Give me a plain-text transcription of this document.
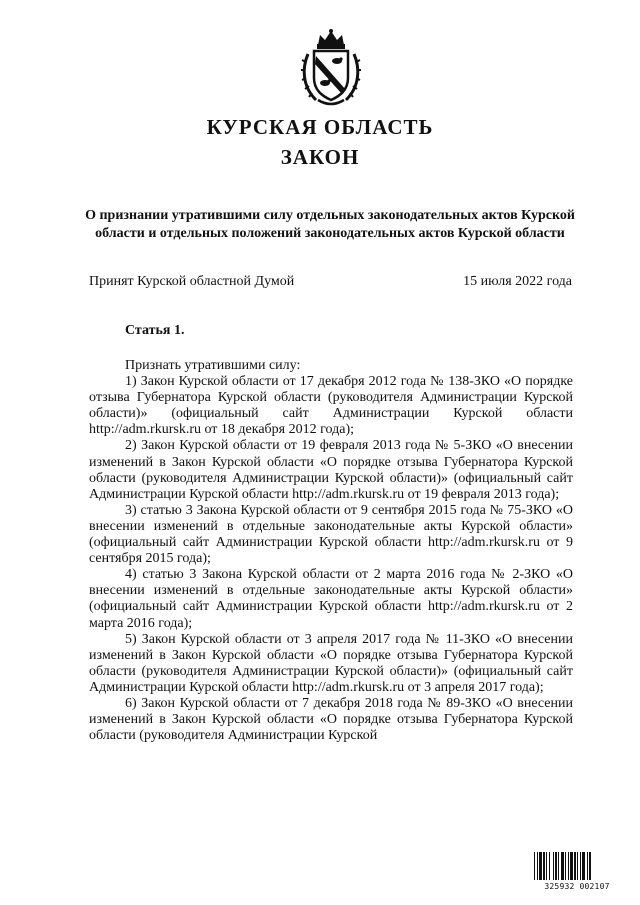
КУРСКАЯ ОБЛАСТЬ
ЗАКОН
О признании утратившими силу отдельных законодательных актов Курской области и отдельных положений законодательных актов Курской области
Принят Курской областной Думой	15 июля 2022 года
Статья 1.

Признать утратившими силу:

1) Закон Курской области от 17 декабря 2012 года № 138-ЗКО «О порядке отзыва Губернатора Курской области (руководителя Администрации Курской области)» (официальный сайт Администрации Курской области http://adm.rkursk.ru от 18 декабря 2012 года);

2) Закон Курской области от 19 февраля 2013 года № 5-ЗКО «О внесении изменений в Закон Курской области «О порядке отзыва Губернатора Курской области (руководителя Администрации Курской области)» (официальный сайт Администрации Курской области http://adm.rkursk.ru от 19 февраля 2013 года);

3) статью 3 Закона Курской области от 9 сентября 2015 года № 75-ЗКО «О внесении изменений в отдельные законодательные акты Курской области» (официальный сайт Администрации Курской области http://adm.rkursk.ru от 9 сентября 2015 года);

4) статью 3 Закона Курской области от 2 марта 2016 года № 2-ЗКО «О внесении изменений в отдельные законодательные акты Курской области» (официальный сайт Администрации Курской области http://adm.rkursk.ru от 2 марта 2016 года);

5) Закон Курской области от 3 апреля 2017 года № 11-ЗКО «О внесении изменений в Закон Курской области «О порядке отзыва Губернатора Курской области (руководителя Администрации Курской области)» (официальный сайт Администрации Курской области http://adm.rkursk.ru от 3 апреля 2017 года);

6) Закон Курской области от 7 декабря 2018 года № 89-ЗКО «О внесении изменений в Закон Курской области «О порядке отзыва Губернатора Курской области (руководителя Администрации Курской

325932 002107
